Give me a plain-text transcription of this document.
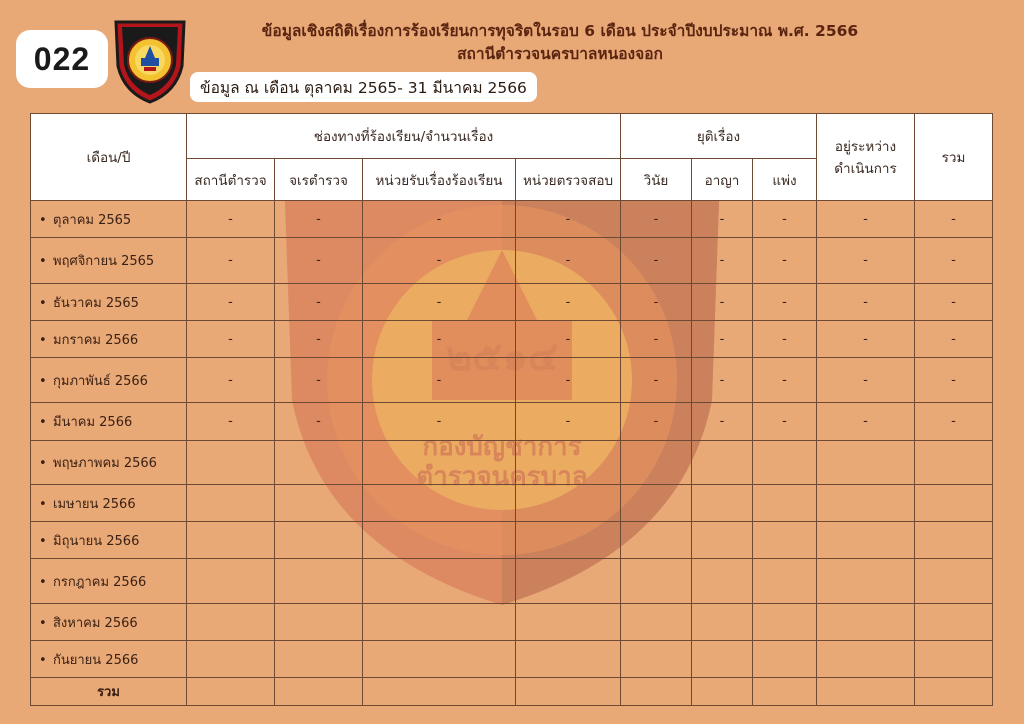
022
ข้อมูลเชิงสถิติเรื่องการร้องเรียนการทุจริตในรอบ 6 เดือน ประจำปีงบประมาณ พ.ศ. 2566
สถานีตำรวจนครบาลหนองจอก
ข้อมูล ณ เดือน ตุลาคม 2565- 31 มีนาคม 2566
๒๕๑๔
กองบัญชาการ
ตำรวจนครบาล
เดือน/ปี	ช่องทางที่ร้องเรียน/จำนวนเรื่อง				ยุติเรื่อง			อยู่ระหว่าง
ดำเนินการ	รวม
	สถานีตำรวจ	จเรตำรวจ	หน่วยรับเรื่องร้องเรียน	หน่วยตรวจสอบ	วินัย	อาญา	แพ่ง		
• ตุลาคม 2565	-	-	-	-	-	-	-	-	-
• พฤศจิกายน 2565	-	-	-	-	-	-	-	-	-
• ธันวาคม 2565	-	-	-	-	-	-	-	-	-
• มกราคม 2566	-	-	-	-	-	-	-	-	-
• กุมภาพันธ์ 2566	-	-	-	-	-	-	-	-	-
• มีนาคม 2566	-	-	-	-	-	-	-	-	-
• พฤษภาพคม 2566									
• เมษายน 2566									
• มิถุนายน 2566									
• กรกฎาคม 2566									
• สิงหาคม 2566									
• กันยายน 2566									
รวม									
